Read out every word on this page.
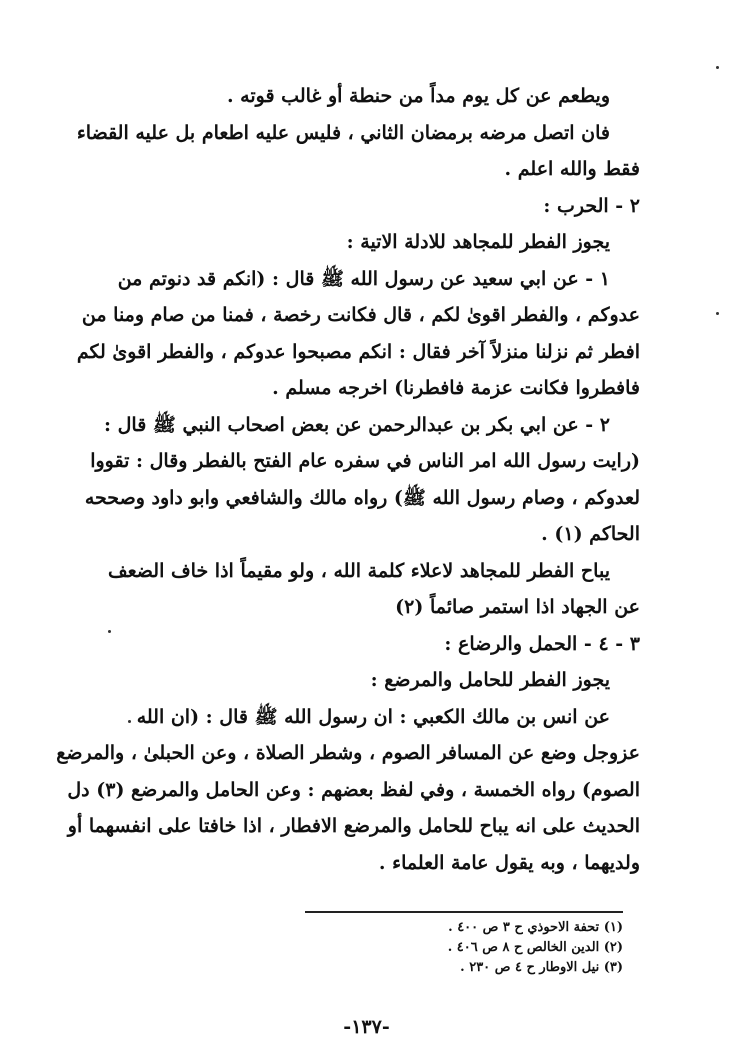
ويطعم عن كل يوم مداً من حنطة أو غالب قوته .
فان اتصل مرضه برمضان الثاني ، فليس عليه اطعام بل عليه القضاء
فقط والله اعلم .
٢ - الحرب :
يجوز الفطر للمجاهد للادلة الاتية :
١ - عن ابي سعيد عن رسول الله ﷺ قال : (انكم قد دنوتم من
عدوكم ، والفطر اقوىٰ لكم ، قال فكانت رخصة ، فمنا من صام ومنا من
افطر ثم نزلنا منزلاً آخر فقال : انكم مصبحوا عدوكم ، والفطر اقوىٰ لكم
فافطروا فكانت عزمة فافطرنا) اخرجه مسلم .
٢ - عن ابي بكر بن عبدالرحمن عن بعض اصحاب النبي ﷺ قال :
(رايت رسول الله امر الناس في سفره عام الفتح بالفطر وقال : تقووا
لعدوكم ، وصام رسول الله ﷺ) رواه مالك والشافعي وابو داود وصححه
الحاكم (١) .
يباح الفطر للمجاهد لاعلاء كلمة الله ، ولو مقيماً اذا خاف الضعف
عن الجهاد اذا استمر صائماً (٢)
٣ - ٤ - الحمل والرضاع :
يجوز الفطر للحامل والمرضع :
عن انس بن مالك الكعبي : ان رسول الله ﷺ قال : (ان الله
عزوجل وضع عن المسافر الصوم ، وشطر الصلاة ، وعن الحبلىٰ ، والمرضع
الصوم) رواه الخمسة ، وفي لفظ بعضهم : وعن الحامل والمرضع (٣) دل
الحديث على انه يباح للحامل والمرضع الافطار ، اذا خافتا على انفسهما أو
ولديهما ، وبه يقول عامة العلماء .
(١) تحفة الاحوذي ح ٣ ص ٤٠٠ .
(٢) الدين الخالص ح ٨ ص ٤٠٦ .
(٣) نيل الاوطار ح ٤ ص ٢٣٠ .
-١٣٧-
